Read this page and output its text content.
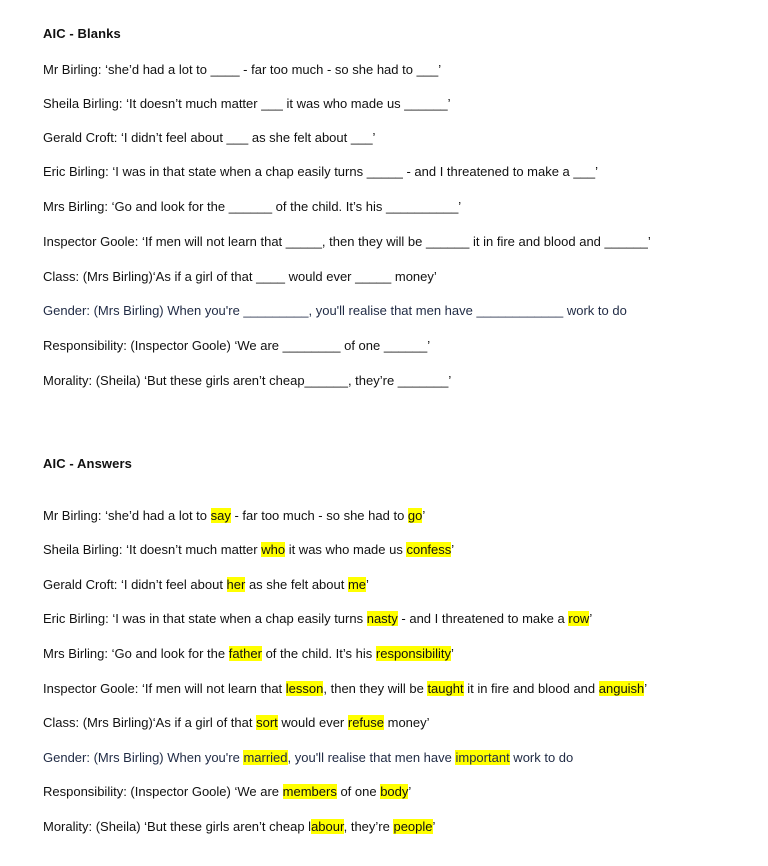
AIC - Blanks

Mr Birling: ‘she’d had a lot to ____ - far too much - so she had to ___’

Sheila Birling: ‘It doesn’t much matter ___ it was who made us ______’

Gerald Croft: ‘I didn’t feel about ___ as she felt about ___’

Eric Birling: ‘I was in that state when a chap easily turns _____ - and I threatened to make a ___’

Mrs Birling: ‘Go and look for the ______ of the child. It’s his __________’

Inspector Goole: ‘If men will not learn that _____, then they will be ______ it in fire and blood and ______’

Class: (Mrs Birling)‘As if a girl of that ____ would ever _____ money’

Gender: (Mrs Birling) When you're _________, you'll realise that men have ____________ work to do

Responsibility: (Inspector Goole) ‘We are ________ of one ______’

Morality: (Sheila) ‘But these girls aren’t cheap______, they’re _______’

AIC - Answers

Mr Birling: ‘she’d had a lot to say - far too much - so she had to go’

Sheila Birling: ‘It doesn’t much matter who it was who made us confess’

Gerald Croft: ‘I didn’t feel about her as she felt about me’

Eric Birling: ‘I was in that state when a chap easily turns nasty - and I threatened to make a row’

Mrs Birling: ‘Go and look for the father of the child. It’s his responsibility’

Inspector Goole: ‘If men will not learn that lesson, then they will be taught it in fire and blood and anguish’

Class: (Mrs Birling)‘As if a girl of that sort would ever refuse money’

Gender: (Mrs Birling) When you're married, you'll realise that men have important work to do

Responsibility: (Inspector Goole) ‘We are members of one body’

Morality: (Sheila) ‘But these girls aren’t cheap labour, they’re people’
